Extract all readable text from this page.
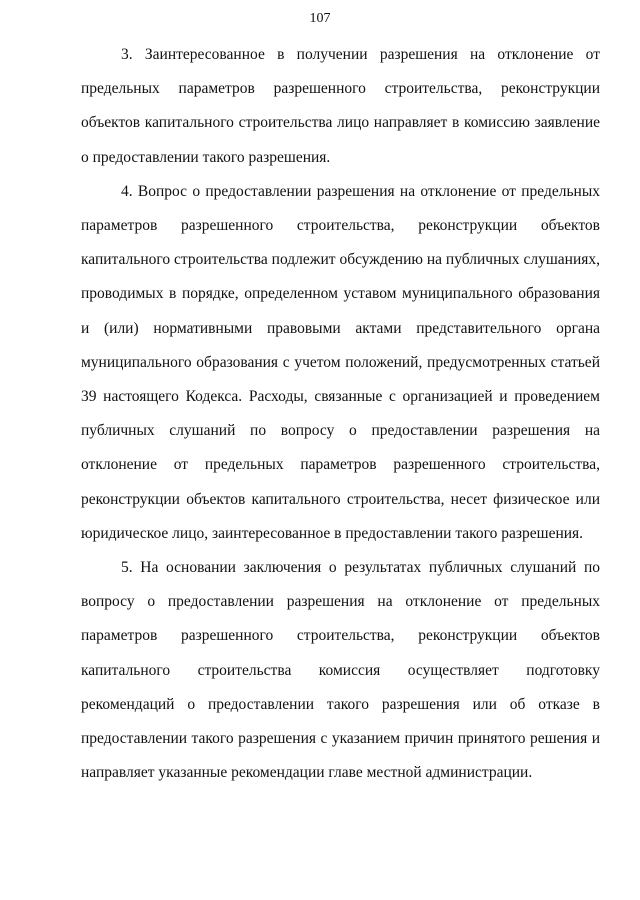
107

3. Заинтересованное в получении разрешения на отклонение от предельных параметров разрешенного строительства, реконструкции объектов капитального строительства лицо направляет в комиссию заявление о предоставлении такого разрешения.

4. Вопрос о предоставлении разрешения на отклонение от предельных параметров разрешенного строительства, реконструкции объектов капитального строительства подлежит обсуждению на публичных слушаниях, проводимых в порядке, определенном уставом муниципального образования и (или) нормативными правовыми актами представительного органа муниципального образования с учетом положений, предусмотренных статьей 39 настоящего Кодекса. Расходы, связанные с организацией и проведением публичных слушаний по вопросу о предоставлении разрешения на отклонение от предельных параметров разрешенного строительства, реконструкции объектов капитального строительства, несет физическое или юридическое лицо, заинтересованное в предоставлении такого разрешения.

5. На основании заключения о результатах публичных слушаний по вопросу о предоставлении разрешения на отклонение от предельных параметров разрешенного строительства, реконструкции объектов капитального строительства комиссия осуществляет подготовку рекомендаций о предоставлении такого разрешения или об отказе в предоставлении такого разрешения с указанием причин принятого решения и направляет указанные рекомендации главе местной администрации.
